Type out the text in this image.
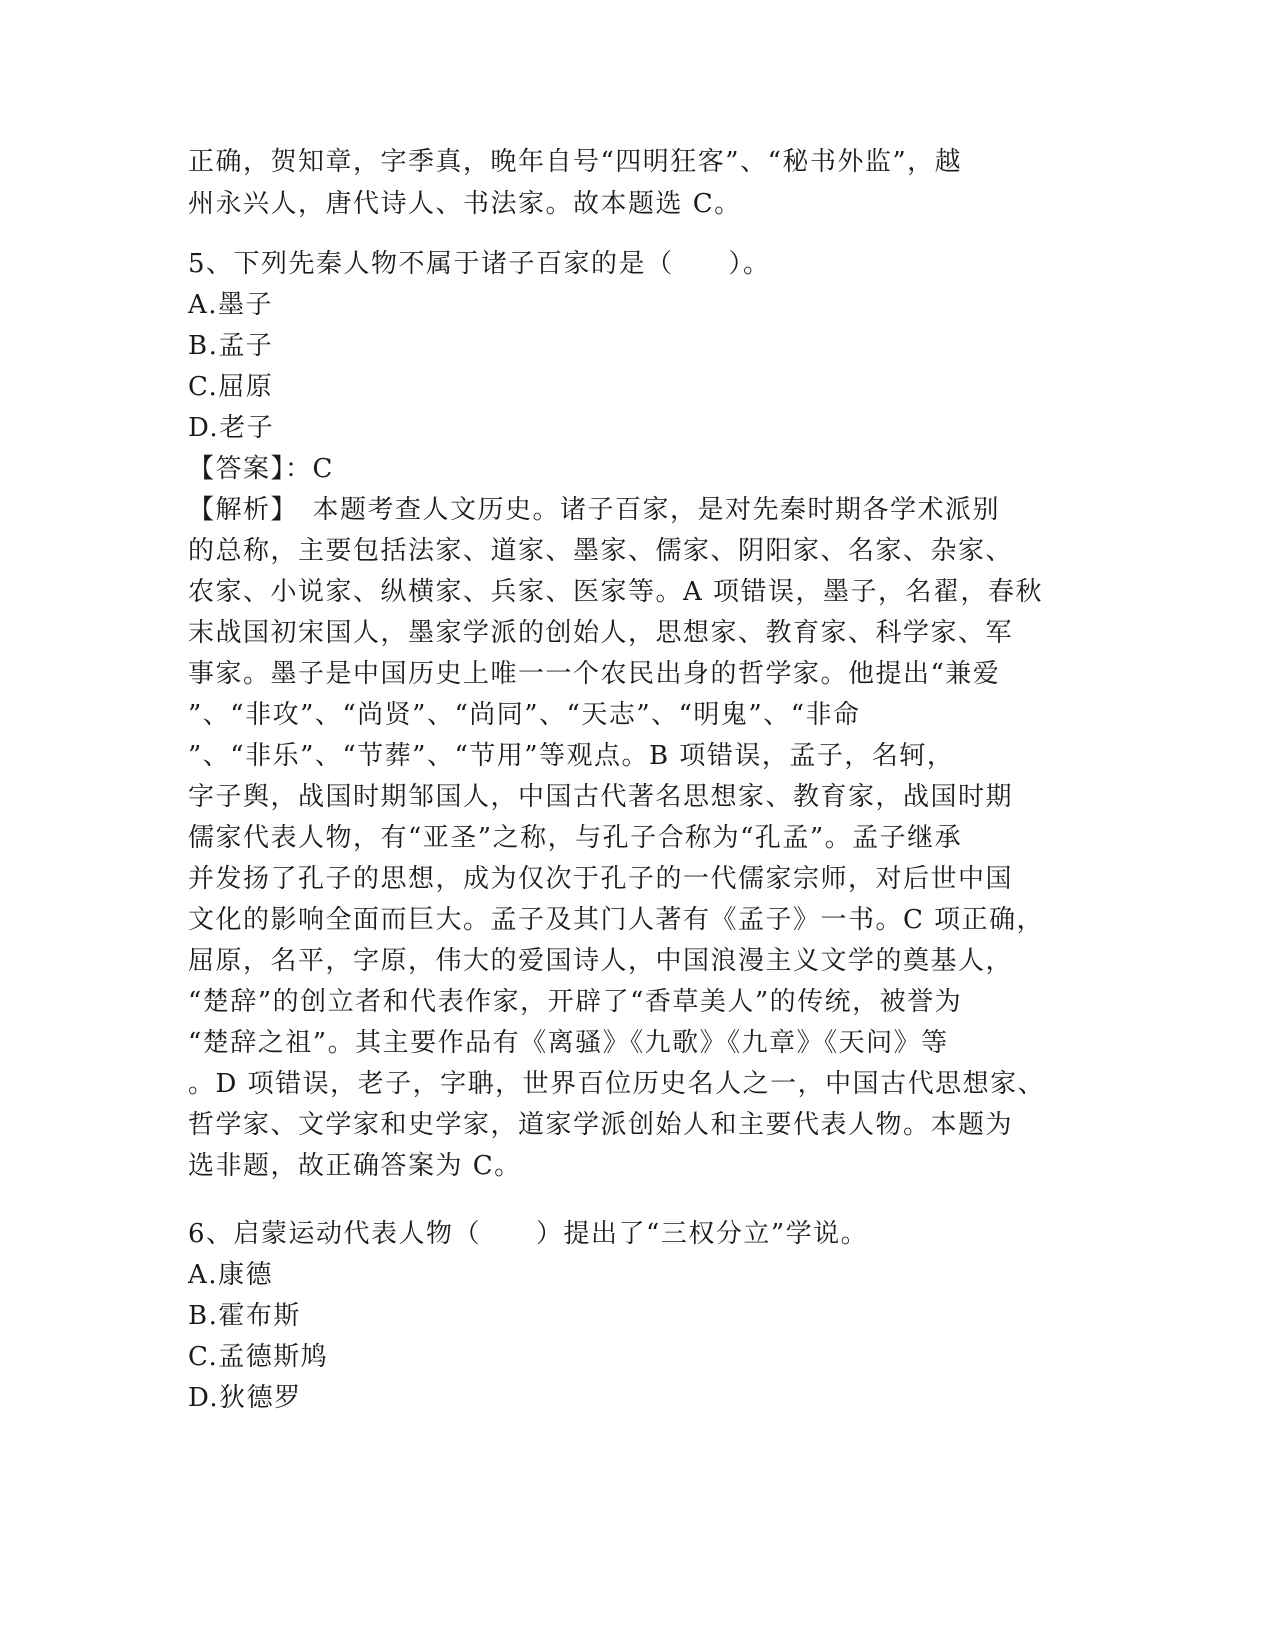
正确，贺知章，字季真，晚年自号“四明狂客”、“秘书外监”，越

州永兴人，唐代诗人、书法家。故本题选 C。

5、下列先秦人物不属于诸子百家的是（　　）。

A.墨子

B.孟子

C.屈原

D.老子

【答案】：C

【解析】　本题考查人文历史。诸子百家，是对先秦时期各学术派别

的总称，主要包括法家、道家、墨家、儒家、阴阳家、名家、杂家、

农家、小说家、纵横家、兵家、医家等。A 项错误，墨子，名翟，春秋

末战国初宋国人，墨家学派的创始人，思想家、教育家、科学家、军

事家。墨子是中国历史上唯一一个农民出身的哲学家。他提出“兼爱

”、“非攻”、“尚贤”、“尚同”、“天志”、“明鬼”、“非命

”、“非乐”、“节葬”、“节用”等观点。B 项错误，孟子，名轲，

字子舆，战国时期邹国人，中国古代著名思想家、教育家，战国时期

儒家代表人物，有“亚圣”之称，与孔子合称为“孔孟”。孟子继承

并发扬了孔子的思想，成为仅次于孔子的一代儒家宗师，对后世中国

文化的影响全面而巨大。孟子及其门人著有《孟子》一书。C 项正确，

屈原，名平，字原，伟大的爱国诗人，中国浪漫主义文学的奠基人，

“楚辞”的创立者和代表作家，开辟了“香草美人”的传统，被誉为

“楚辞之祖”。其主要作品有《离骚》《九歌》《九章》《天问》等

。D 项错误，老子，字聃，世界百位历史名人之一，中国古代思想家、

哲学家、文学家和史学家，道家学派创始人和主要代表人物。本题为

选非题，故正确答案为 C。

6、启蒙运动代表人物（　　）提出了“三权分立”学说。

A.康德

B.霍布斯

C.孟德斯鸠

D.狄德罗
